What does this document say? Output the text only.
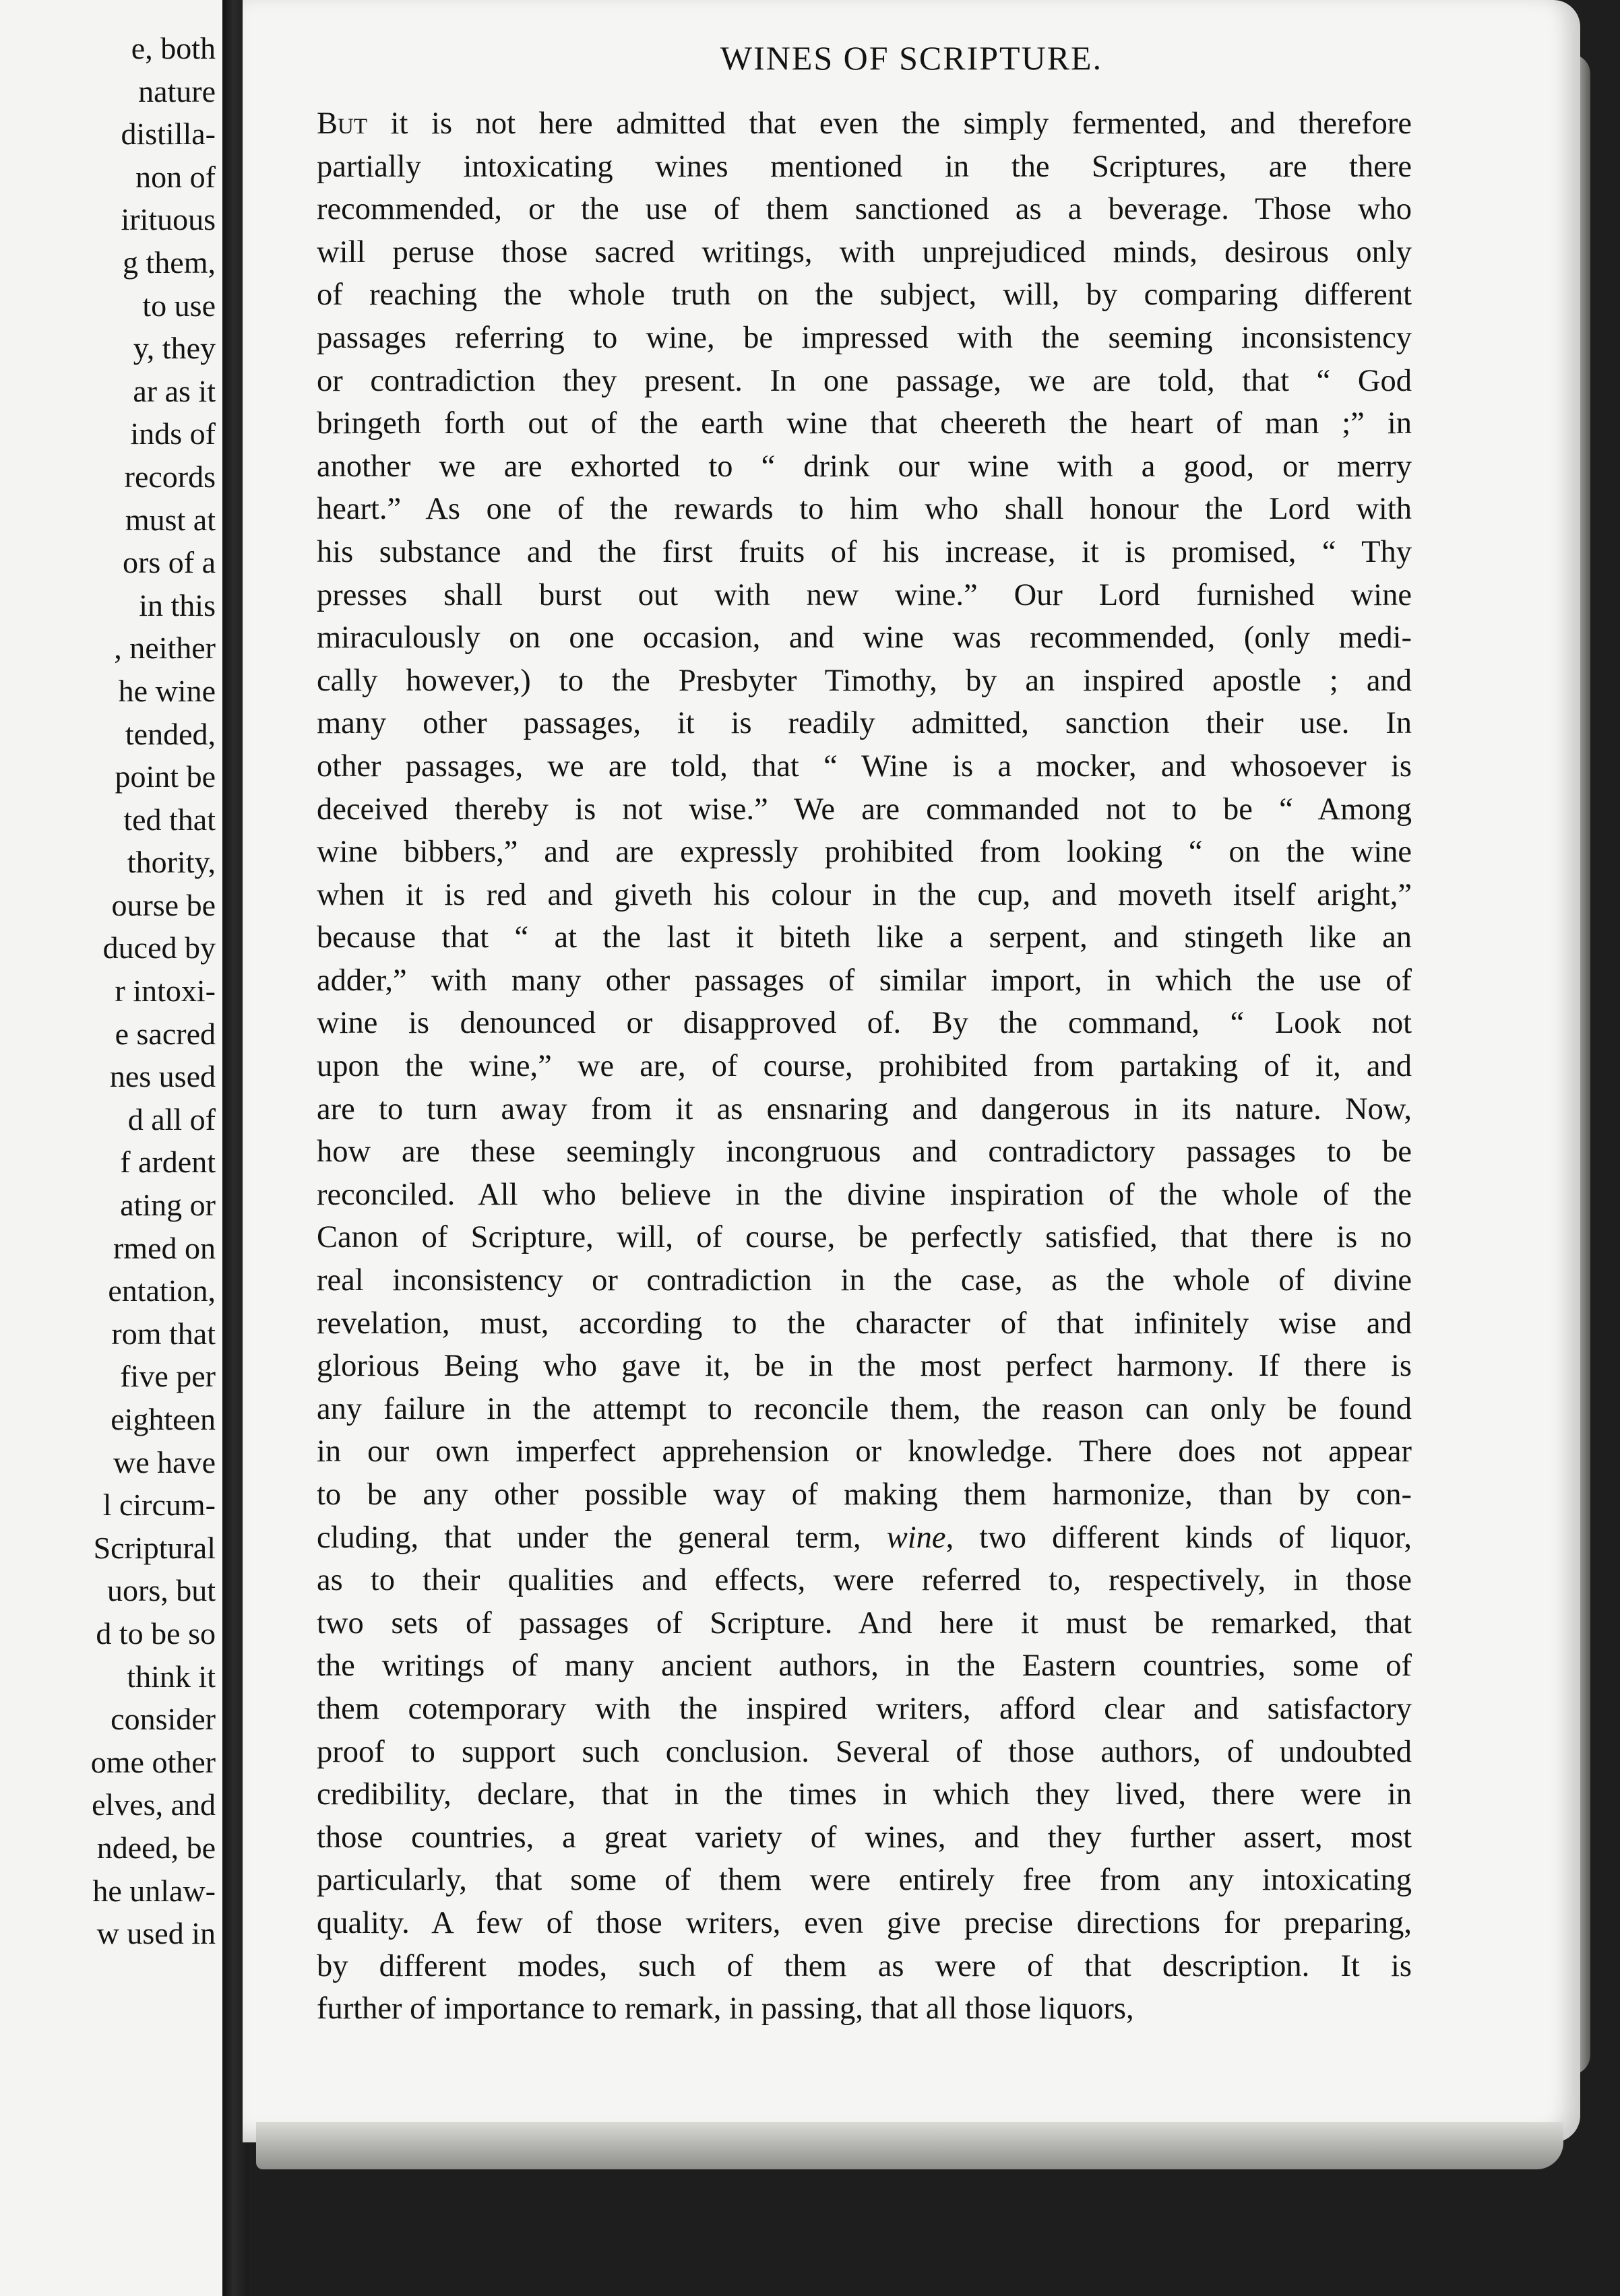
e, both
nature
distilla-
non of
irituous
g them,
to use
y, they
ar as it
inds of
records
must at
ors of a
in this
, neither
he wine
tended,
point be
ted that
thority,
ourse be
duced by
r intoxi-
e sacred
nes used
d all of
f ardent
ating or
rmed on
entation,
rom that
five per
eighteen
we have
l circum-
Scriptural
uors, but
d to be so
think it
consider
ome other
elves, and
ndeed, be
he unlaw-
w used in
WINES OF SCRIPTURE.
But it is not here admitted that even the simply fermented, and therefore
partially intoxicating wines mentioned in the Scriptures, are there
recommended, or the use of them sanctioned as a beverage. Those who
will peruse those sacred writings, with unprejudiced minds, desirous only
of reaching the whole truth on the subject, will, by comparing different
passages referring to wine, be impressed with the seeming inconsistency
or contradiction they present. In one passage, we are told, that “ God
bringeth forth out of the earth wine that cheereth the heart of man ;” in
another we are exhorted to “ drink our wine with a good, or merry
heart.” As one of the rewards to him who shall honour the Lord with
his substance and the first fruits of his increase, it is promised, “ Thy
presses shall burst out with new wine.” Our Lord furnished wine
miraculously on one occasion, and wine was recommended, (only medi-
cally however,) to the Presbyter Timothy, by an inspired apostle ; and
many other passages, it is readily admitted, sanction their use. In
other passages, we are told, that “ Wine is a mocker, and whosoever is
deceived thereby is not wise.” We are commanded not to be “ Among
wine bibbers,” and are expressly prohibited from looking “ on the wine
when it is red and giveth his colour in the cup, and moveth itself aright,”
because that “ at the last it biteth like a serpent, and stingeth like an
adder,” with many other passages of similar import, in which the use of
wine is denounced or disapproved of. By the command, “ Look not
upon the wine,” we are, of course, prohibited from partaking of it, and
are to turn away from it as ensnaring and dangerous in its nature. Now,
how are these seemingly incongruous and contradictory passages to be
reconciled. All who believe in the divine inspiration of the whole of the
Canon of Scripture, will, of course, be perfectly satisfied, that there is no
real inconsistency or contradiction in the case, as the whole of divine
revelation, must, according to the character of that infinitely wise and
glorious Being who gave it, be in the most perfect harmony. If there is
any failure in the attempt to reconcile them, the reason can only be found
in our own imperfect apprehension or knowledge. There does not appear
to be any other possible way of making them harmonize, than by con-
cluding, that under the general term, wine, two different kinds of liquor,
as to their qualities and effects, were referred to, respectively, in those
two sets of passages of Scripture. And here it must be remarked, that
the writings of many ancient authors, in the Eastern countries, some of
them cotemporary with the inspired writers, afford clear and satisfactory
proof to support such conclusion. Several of those authors, of undoubted
credibility, declare, that in the times in which they lived, there were in
those countries, a great variety of wines, and they further assert, most
particularly, that some of them were entirely free from any intoxicating
quality. A few of those writers, even give precise directions for preparing,
by different modes, such of them as were of that description. It is
further of importance to remark, in passing, that all those liquors,
